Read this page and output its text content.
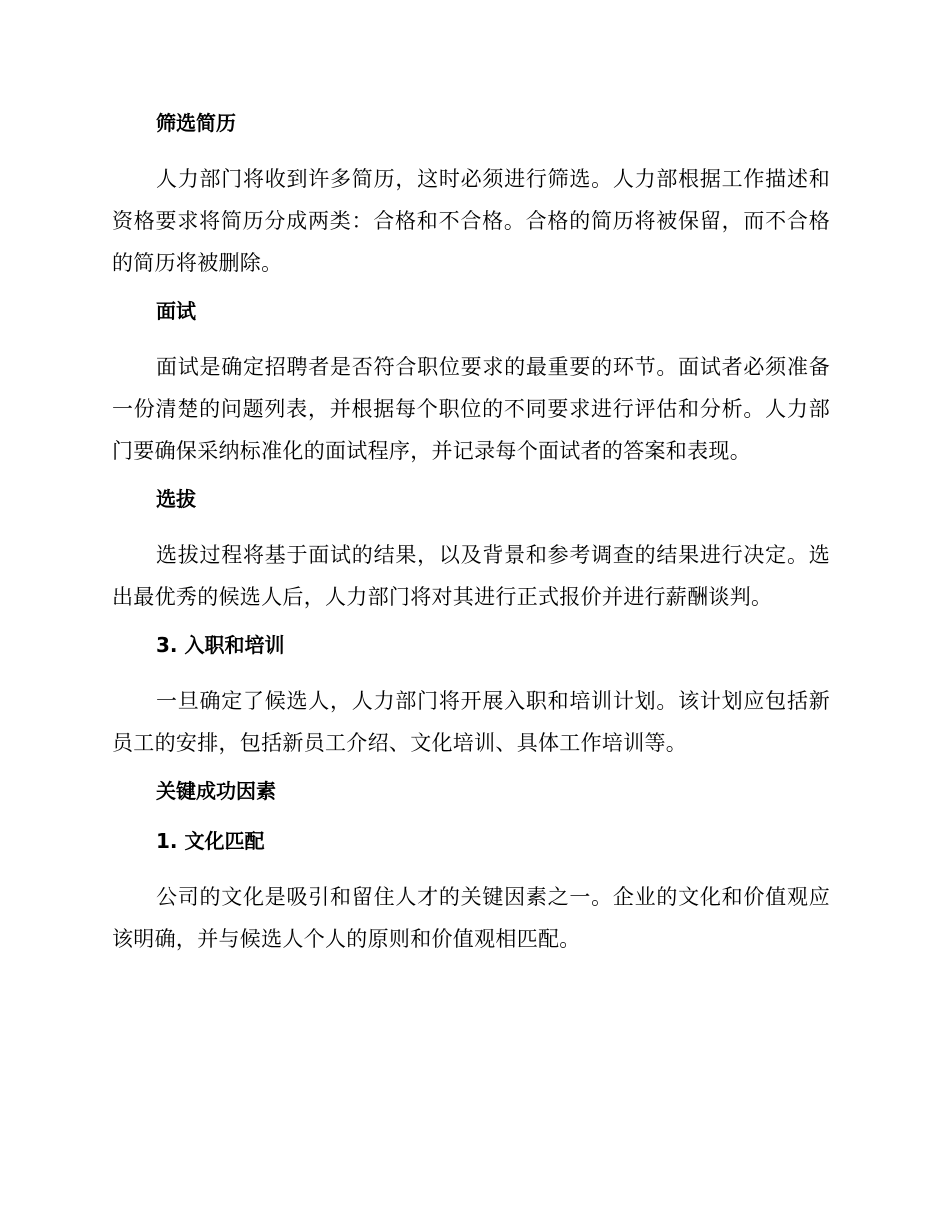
筛选简历

人力部门将收到许多简历，这时必须进行筛选。人力部根据工作描述和资格要求将简历分成两类：合格和不合格。合格的简历将被保留，而不合格的简历将被删除。

面试

面试是确定招聘者是否符合职位要求的最重要的环节。面试者必须准备一份清楚的问题列表，并根据每个职位的不同要求进行评估和分析。人力部门要确保采纳标准化的面试程序，并记录每个面试者的答案和表现。

选拔

选拔过程将基于面试的结果，以及背景和参考调查的结果进行决定。选出最优秀的候选人后，人力部门将对其进行正式报价并进行薪酬谈判。

3. 入职和培训

一旦确定了候选人，人力部门将开展入职和培训计划。该计划应包括新员工的安排，包括新员工介绍、文化培训、具体工作培训等。

关键成功因素
1. 文化匹配

公司的文化是吸引和留住人才的关键因素之一。企业的文化和价值观应该明确，并与候选人个人的原则和价值观相匹配。
